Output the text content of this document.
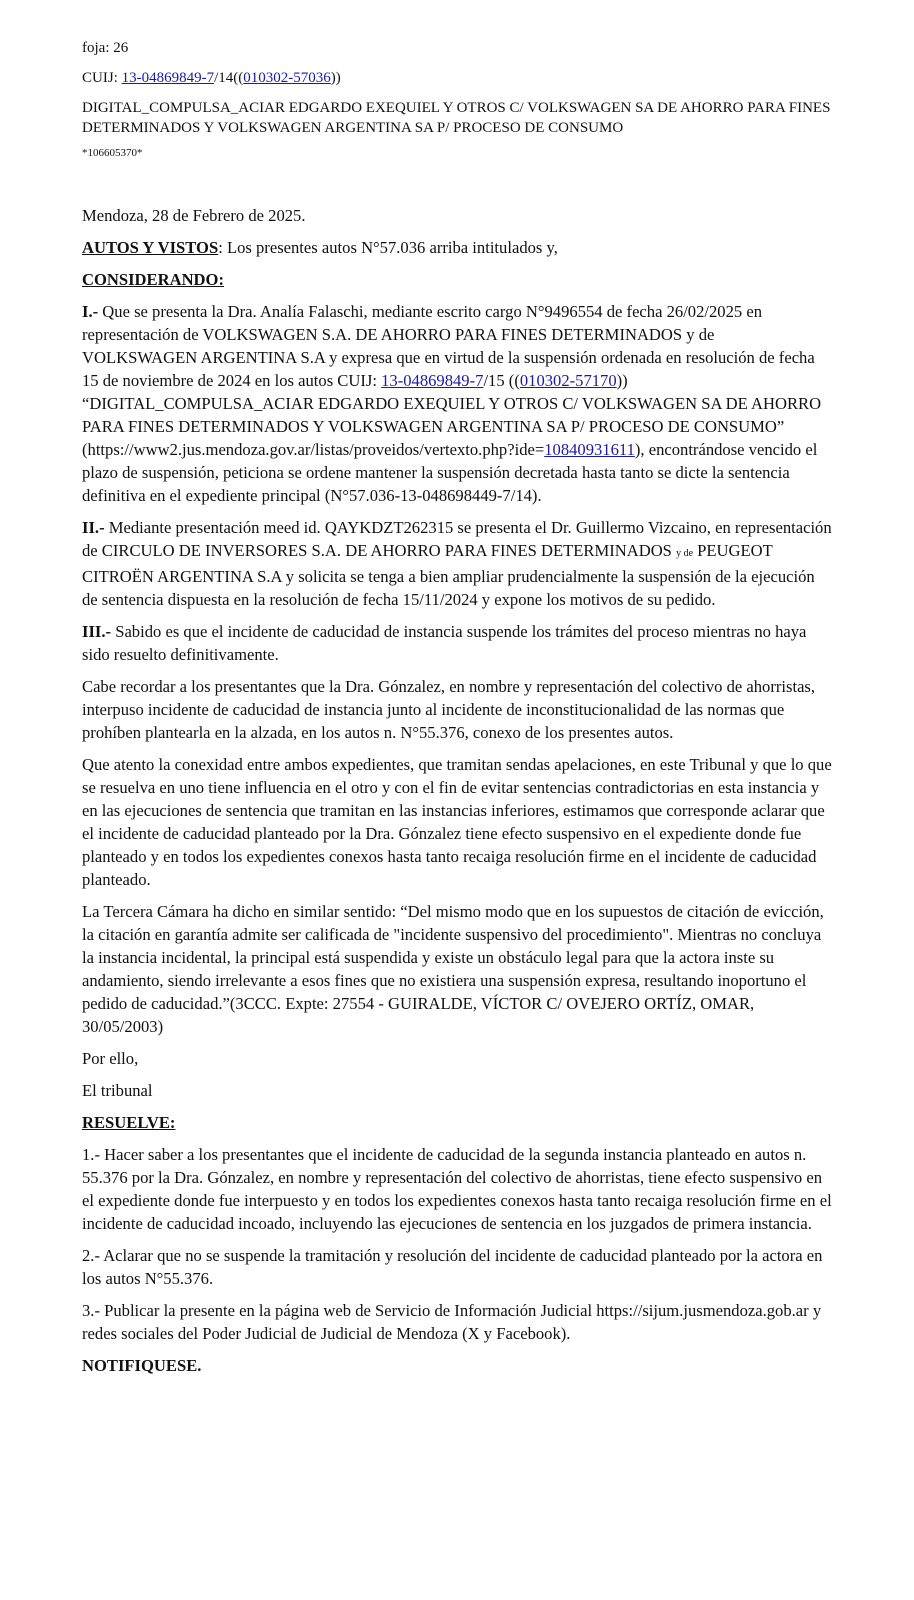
foja: 26
CUIJ: 13-04869849-7/14((010302-57036))
DIGITAL_COMPULSA_ACIAR EDGARDO EXEQUIEL Y OTROS C/ VOLKSWAGEN SA DE AHORRO PARA FINES DETERMINADOS Y VOLKSWAGEN ARGENTINA SA P/ PROCESO DE CONSUMO
*106605370*

Mendoza, 28 de Febrero de 2025.

AUTOS Y VISTOS: Los presentes autos N°57.036 arriba intitulados y,

CONSIDERANDO:

I.- Que se presenta la Dra. Analía Falaschi, mediante escrito cargo N°9496554 de fecha 26/02/2025 en representación de VOLKSWAGEN S.A. DE AHORRO PARA FINES DETERMINADOS y de VOLKSWAGEN ARGENTINA S.A y expresa que en virtud de la suspensión ordenada en resolución de fecha 15 de noviembre de 2024 en los autos CUIJ: 13-04869849-7/15 ((010302-57170)) “DIGITAL_COMPULSA_ACIAR EDGARDO EXEQUIEL Y OTROS C/ VOLKSWAGEN SA DE AHORRO PARA FINES DETERMINADOS Y VOLKSWAGEN ARGENTINA SA P/ PROCESO DE CONSUMO” (https://www2.jus.mendoza.gov.ar/listas/proveidos/vertexto.php?ide=10840931611), encontrándose vencido el plazo de suspensión, peticiona se ordene mantener la suspensión decretada hasta tanto se dicte la sentencia definitiva en el expediente principal (N°57.036-13-048698449-7/14).

II.- Mediante presentación meed id. QAYKDZT262315 se presenta el Dr. Guillermo Vizcaino, en representación de CIRCULO DE INVERSORES S.A. DE AHORRO PARA FINES DETERMINADOS y de PEUGEOT CITROËN ARGENTINA S.A y solicita se tenga a bien ampliar prudencialmente la suspensión de la ejecución de sentencia dispuesta en la resolución de fecha 15/11/2024 y expone los motivos de su pedido.

III.- Sabido es que el incidente de caducidad de instancia suspende los trámites del proceso mientras no haya sido resuelto definitivamente.

Cabe recordar a los presentantes que la Dra. Gónzalez, en nombre y representación del colectivo de ahorristas, interpuso incidente de caducidad de instancia junto al incidente de inconstitucionalidad de las normas que prohíben plantearla en la alzada, en los autos n. N°55.376, conexo de los presentes autos.

Que atento la conexidad entre ambos expedientes, que tramitan sendas apelaciones, en este Tribunal y que lo que se resuelva en uno tiene influencia en el otro y con el fin de evitar sentencias contradictorias en esta instancia y en las ejecuciones de sentencia que tramitan en las instancias inferiores, estimamos que corresponde aclarar que el incidente de caducidad planteado por la Dra. Gónzalez tiene efecto suspensivo en el expediente donde fue planteado y en todos los expedientes conexos hasta tanto recaiga resolución firme en el incidente de caducidad planteado.

La Tercera Cámara ha dicho en similar sentido: “Del mismo modo que en los supuestos de citación de evicción, la citación en garantía admite ser calificada de "incidente suspensivo del procedimiento". Mientras no concluya la instancia incidental, la principal está suspendida y existe un obstáculo legal para que la actora inste su andamiento, siendo irrelevante a esos fines que no existiera una suspensión expresa, resultando inoportuno el pedido de caducidad.”(3CCC. Expte: 27554 - GUIRALDE, VÍCTOR C/ OVEJERO ORTÍZ, OMAR, 30/05/2003)

Por ello,

El tribunal

RESUELVE:

1.- Hacer saber a los presentantes que el incidente de caducidad de la segunda instancia planteado en autos n. 55.376 por la Dra. Gónzalez, en nombre y representación del colectivo de ahorristas, tiene efecto suspensivo en el expediente donde fue interpuesto y en todos los expedientes conexos hasta tanto recaiga resolución firme en el incidente de caducidad incoado, incluyendo las ejecuciones de sentencia en los juzgados de primera instancia.

2.- Aclarar que no se suspende la tramitación y resolución del incidente de caducidad planteado por la actora en los autos N°55.376.

3.- Publicar la presente en la página web de Servicio de Información Judicial https://sijum.jusmendoza.gob.ar y redes sociales del Poder Judicial de Judicial de Mendoza (X y Facebook).

NOTIFIQUESE.
